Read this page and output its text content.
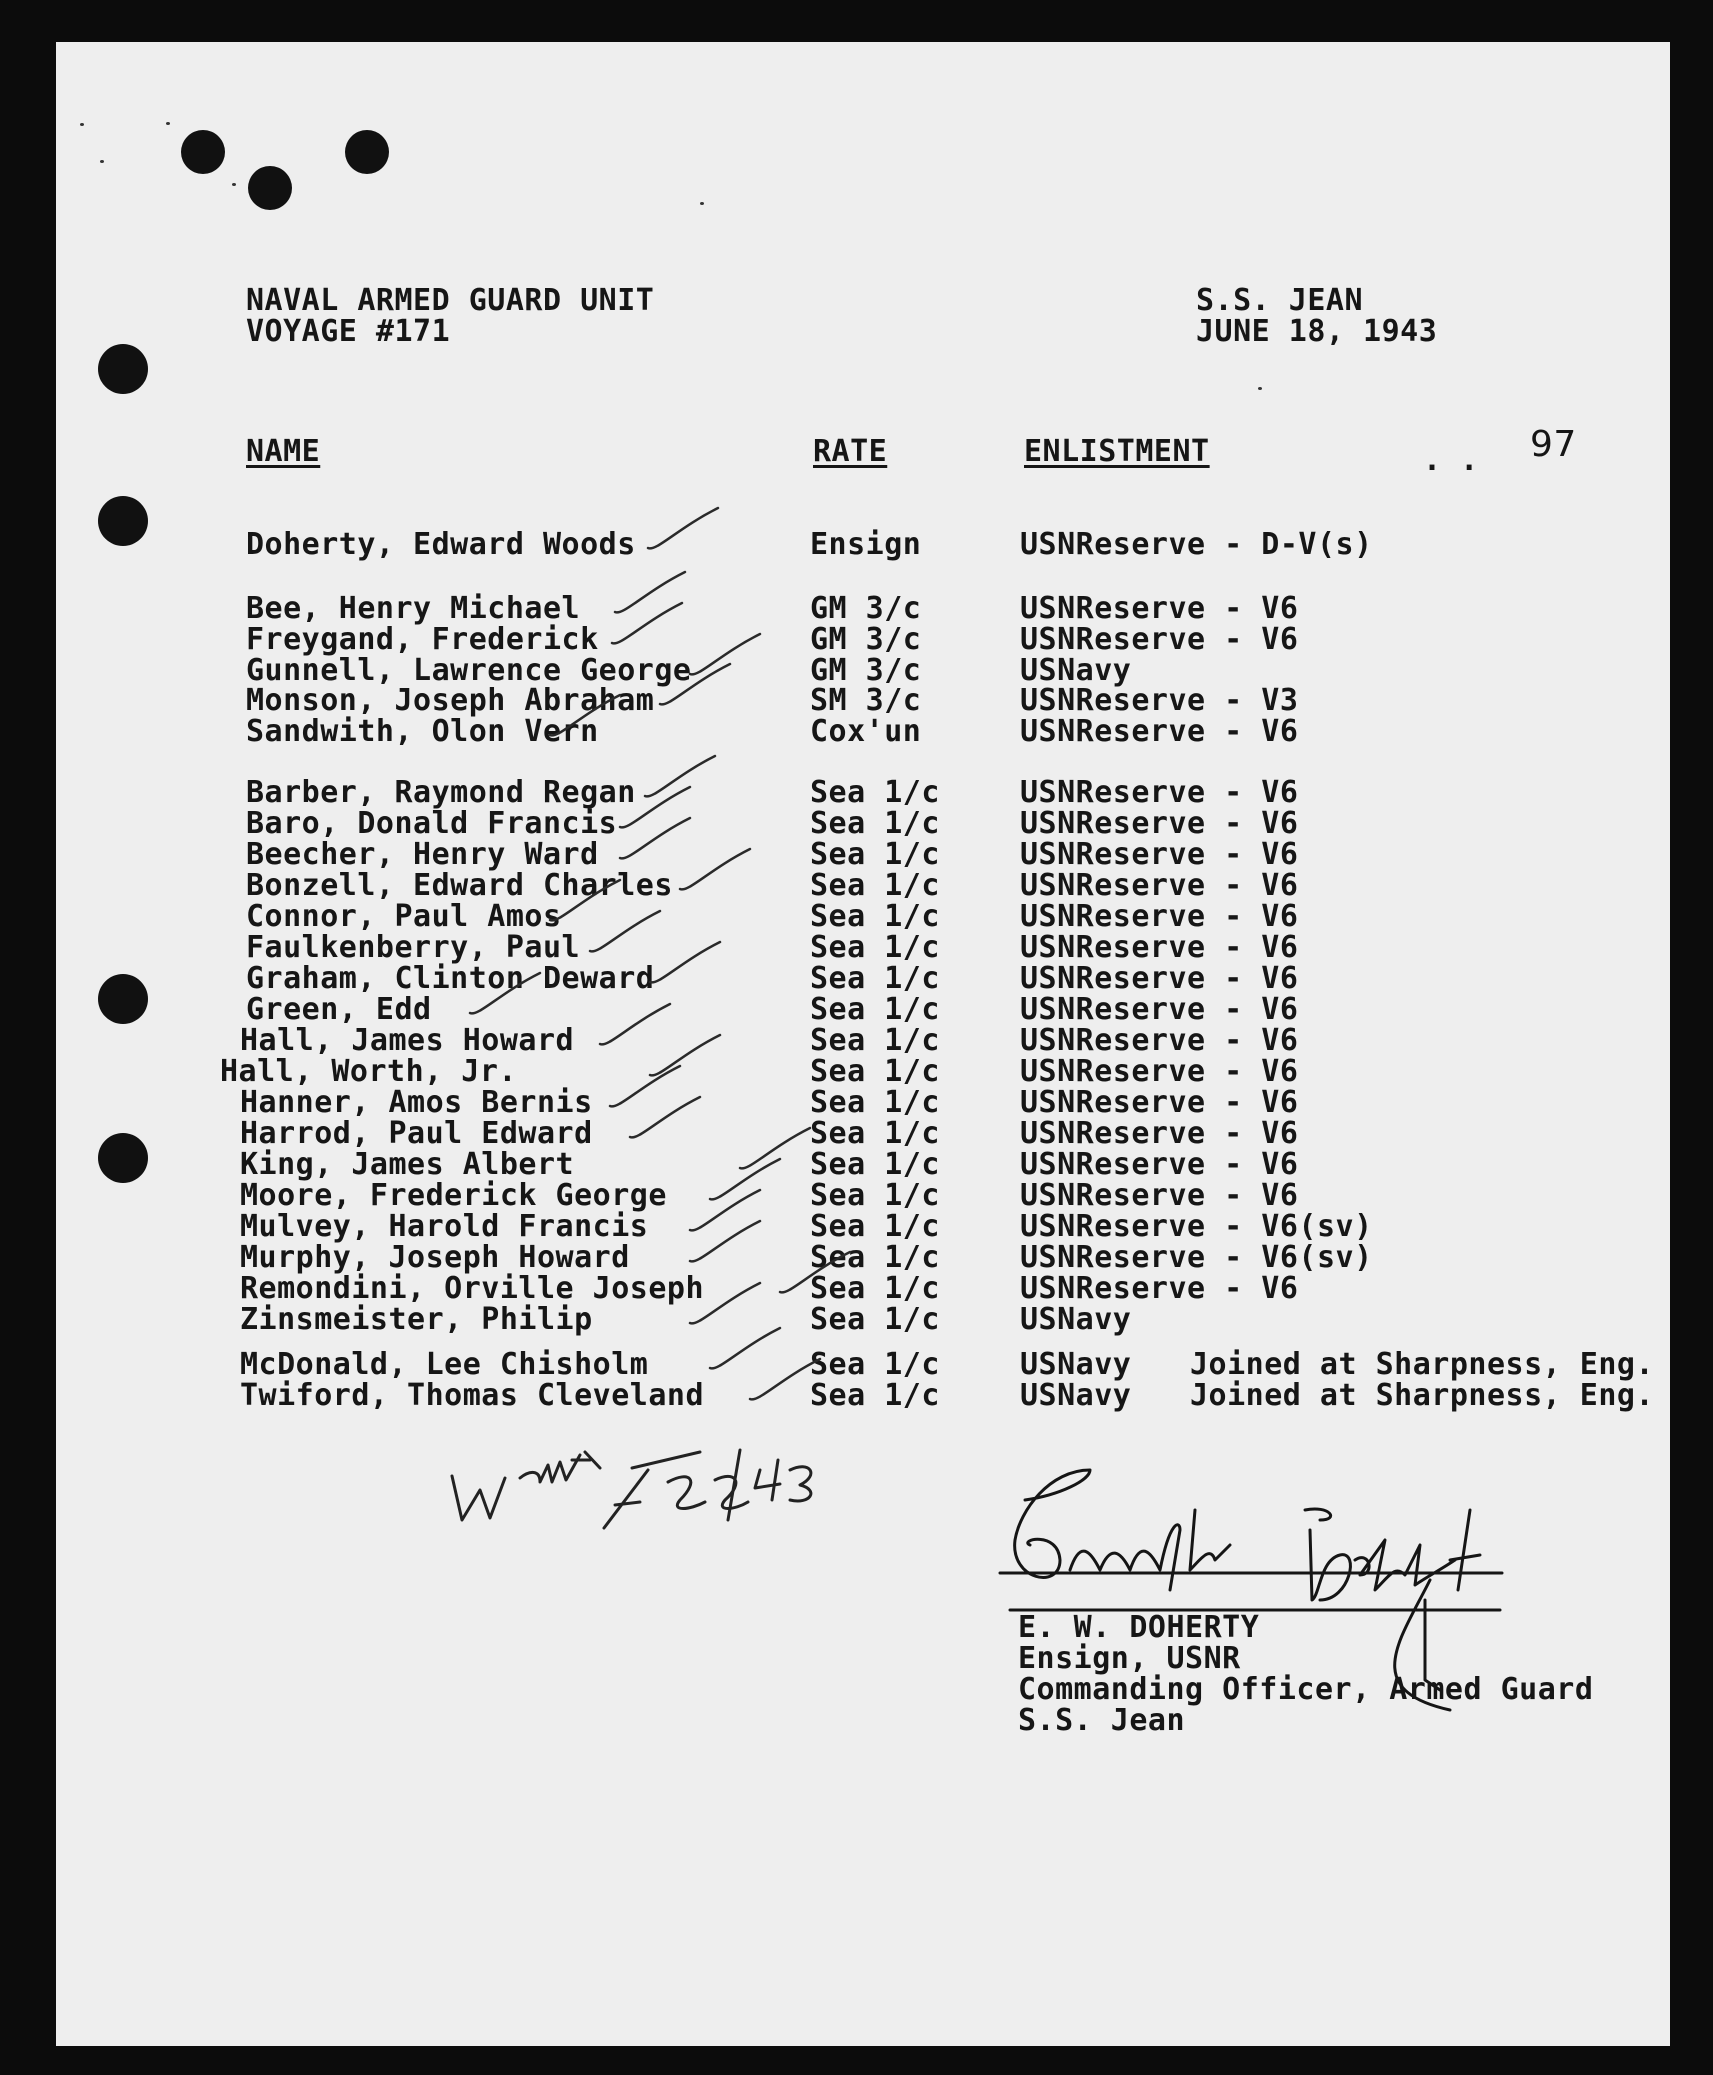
NAVAL ARMED GUARD UNIT
VOYAGE #171
S.S. JEAN
JUNE 18, 1943
NAME	RATE	ENLISTMENT	. . 97
Doherty, Edward Woods	Ensign	USNReserve - D-V(s)
Bee, Henry Michael	GM 3/c	USNReserve - V6
Freygand, Frederick	GM 3/c	USNReserve - V6
Gunnell, Lawrence George	GM 3/c	USNavy
Monson, Joseph Abraham	SM 3/c	USNReserve - V3
Sandwith, Olon Vern	Cox'un	USNReserve - V6
Barber, Raymond Regan	Sea 1/c	USNReserve - V6
Baro, Donald Francis	Sea 1/c	USNReserve - V6
Beecher, Henry Ward	Sea 1/c	USNReserve - V6
Bonzell, Edward Charles	Sea 1/c	USNReserve - V6
Connor, Paul Amos	Sea 1/c	USNReserve - V6
Faulkenberry, Paul	Sea 1/c	USNReserve - V6
Graham, Clinton Deward	Sea 1/c	USNReserve - V6
Green, Edd	Sea 1/c	USNReserve - V6
Hall, James Howard	Sea 1/c	USNReserve - V6
Hall, Worth, Jr.	Sea 1/c	USNReserve - V6
Hanner, Amos Bernis	Sea 1/c	USNReserve - V6
Harrod, Paul Edward	Sea 1/c	USNReserve - V6
King, James Albert	Sea 1/c	USNReserve - V6
Moore, Frederick George	Sea 1/c	USNReserve - V6
Mulvey, Harold Francis	Sea 1/c	USNReserve - V6(sv)
Murphy, Joseph Howard	Sea 1/c	USNReserve - V6(sv)
Remondini, Orville Joseph	Sea 1/c	USNReserve - V6
Zinsmeister, Philip	Sea 1/c	USNavy
McDonald, Lee Chisholm	Sea 1/c	USNavy Joined at Sharpness, Eng.
Twiford, Thomas Cleveland	Sea 1/c	USNavy Joined at Sharpness, Eng.
E. W. DOHERTY
Ensign, USNR
Commanding Officer, Armed Guard
S.S. Jean
